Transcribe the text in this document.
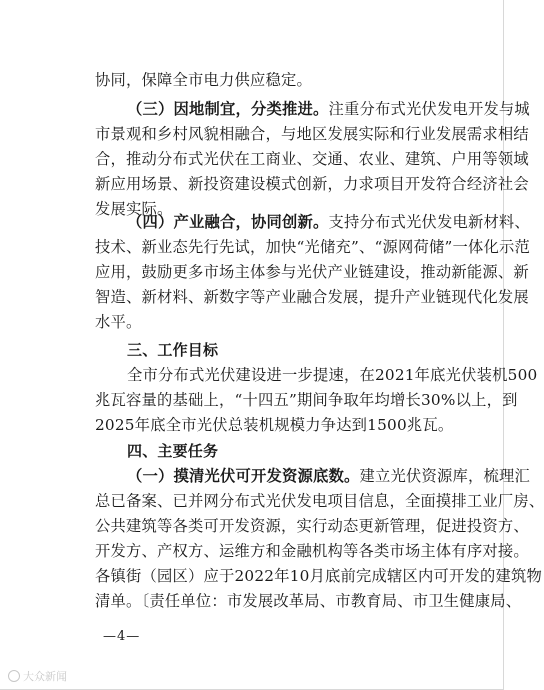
协同，保障全市电力供应稳定。
（三）因地制宜，分类推进。注重分布式光伏发电开发与城
市景观和乡村风貌相融合，与地区发展实际和行业发展需求相结
合，推动分布式光伏在工商业、交通、农业、建筑、户用等领域
新应用场景、新投资建设模式创新，力求项目开发符合经济社会
发展实际。
（四）产业融合，协同创新。支持分布式光伏发电新材料、
技术、新业态先行先试，加快“光储充”、“源网荷储”一体化示范
应用，鼓励更多市场主体参与光伏产业链建设，推动新能源、新
智造、新材料、新数字等产业融合发展，提升产业链现代化发展
水平。
三、工作目标
全市分布式光伏建设进一步提速，在2021年底光伏装机500
兆瓦容量的基础上，“十四五”期间争取年均增长30%以上，到
2025年底全市光伏总装机规模力争达到1500兆瓦。
四、主要任务
（一）摸清光伏可开发资源底数。建立光伏资源库，梳理汇
总已备案、已并网分布式光伏发电项目信息，全面摸排工业厂房、
公共建筑等各类可开发资源，实行动态更新管理，促进投资方、
开发方、产权方、运维方和金融机构等各类市场主体有序对接。
各镇街（园区）应于2022年10月底前完成辖区内可开发的建筑物
清单。〔责任单位：市发展改革局、市教育局、市卫生健康局、
—4—
大众新闻
